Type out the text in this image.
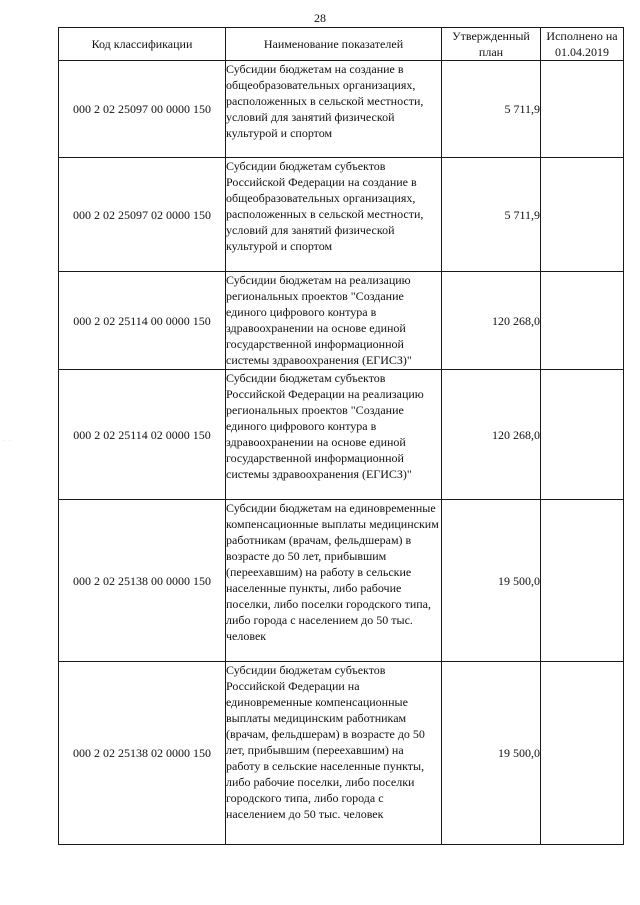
28
Код классификации	Наименование показателей	Утвержденный план	Исполнено на 01.04.2019
000 2 02 25097 00 0000 150	Субсидии бюджетам на создание в общеобразовательных организациях, расположенных в сельской местности, условий для занятий физической культурой и спортом	5 711,9	
000 2 02 25097 02 0000 150	Субсидии бюджетам субъектов Российской Федерации на создание в общеобразовательных организациях, расположенных в сельской местности, условий для занятий физической культурой и спортом	5 711,9	
000 2 02 25114 00 0000 150	Субсидии бюджетам на реализацию региональных проектов "Создание единого цифрового контура в здравоохранении на основе единой государственной информационной системы здравоохранения (ЕГИСЗ)"	120 268,0	
000 2 02 25114 02 0000 150	Субсидии бюджетам субъектов Российской Федерации на реализацию региональных проектов "Создание единого цифрового контура в здравоохранении на основе единой государственной информационной системы здравоохранения (ЕГИСЗ)"	120 268,0	
000 2 02 25138 00 0000 150	Субсидии бюджетам на единовременные компенсационные выплаты медицинским работникам (врачам, фельдшерам) в возрасте до 50 лет, прибывшим (переехавшим) на работу в сельские населенные пункты, либо рабочие поселки, либо поселки городского типа, либо города с населением до 50 тыс. человек	19 500,0	
000 2 02 25138 02 0000 150	Субсидии бюджетам субъектов Российской Федерации на единовременные компенсационные выплаты медицинским работникам (врачам, фельдшерам) в возрасте до 50 лет, прибывшим (переехавшим) на работу в сельские населенные пункты, либо рабочие поселки, либо поселки городского типа, либо города с населением до 50 тыс. человек	19 500,0	
· ·
